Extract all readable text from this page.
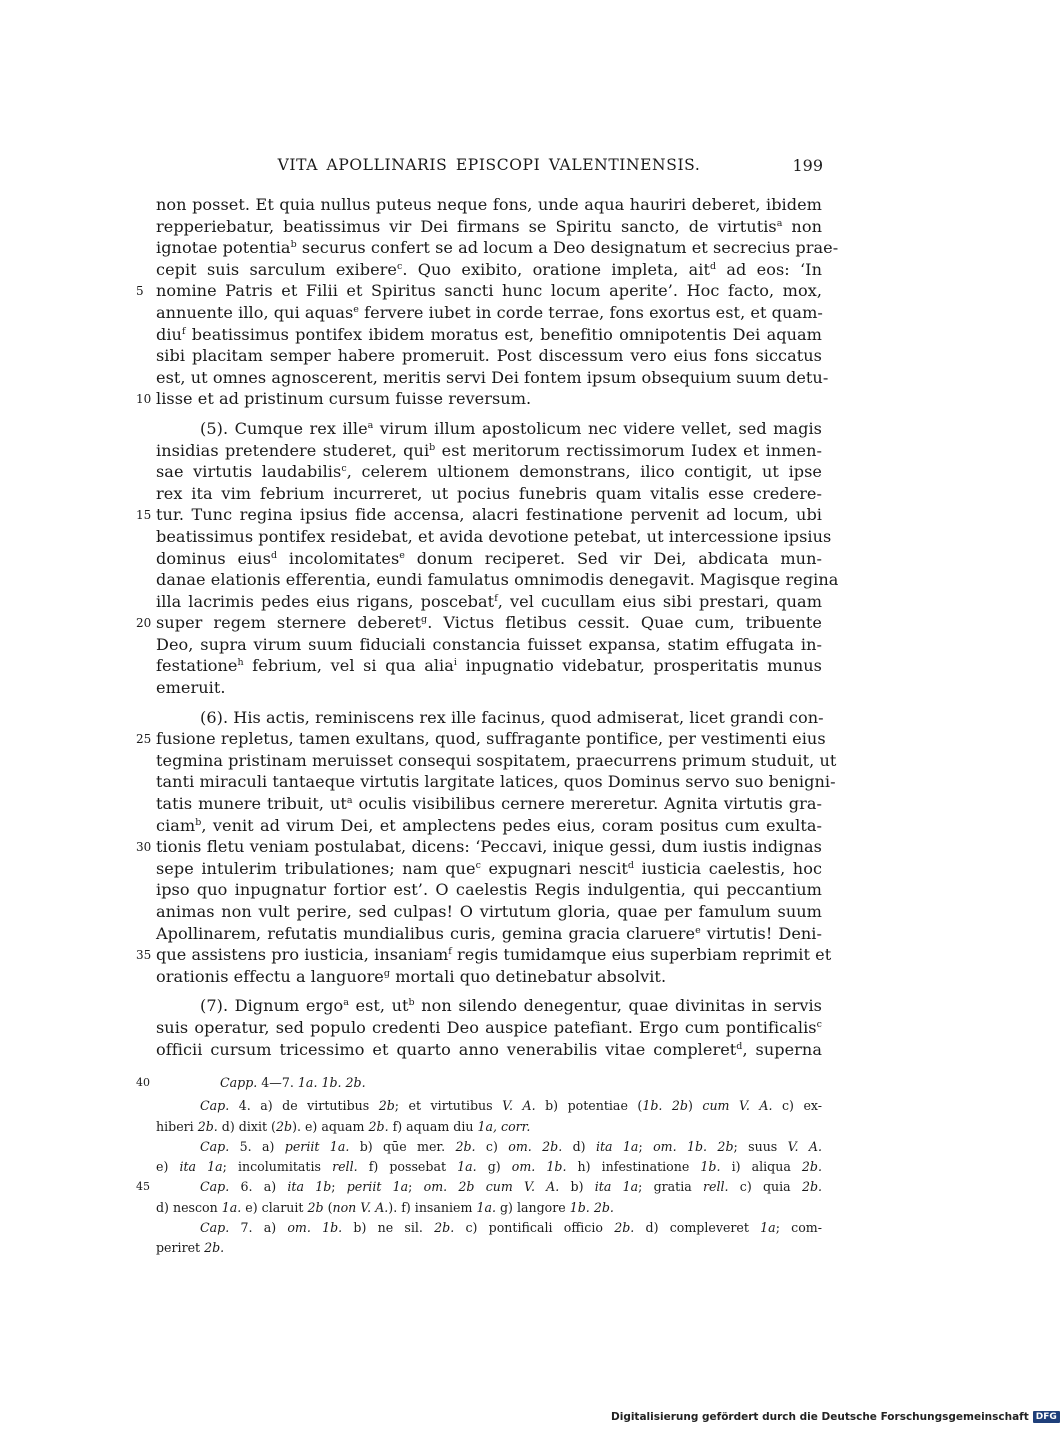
VITA APOLLINARIS EPISCOPI VALENTINENSIS.	199
non posset. Et quia nullus puteus neque fons, unde aqua hauriri deberet, ibidem
repperiebatur, beatissimus vir Dei firmans se Spiritu sancto, de virtutis$^a$ non
ignotae potentia$^b$ securus confert se ad locum a Deo designatum et secrecius prae-
cepit suis sarculum exibere$^c$. Quo exibito, oratione impleta, ait$^d$ ad eos: ‘In
5 nomine Patris et Filii et Spiritus sancti hunc locum aperite’. Hoc facto, mox,
annuente illo, qui aquas$^e$ fervere iubet in corde terrae, fons exortus est, et quam-
diu$^f$ beatissimus pontifex ibidem moratus est, benefitio omnipotentis Dei aquam
sibi placitam semper habere promeruit. Post discessum vero eius fons siccatus
est, ut omnes agnoscerent, meritis servi Dei fontem ipsum obsequium suum detu-
10 lisse et ad pristinum cursum fuisse reversum.
(5). Cumque rex ille$^a$ virum illum apostolicum nec videre vellet, sed magis
insidias pretendere studeret, qui$^b$ est meritorum rectissimorum Iudex et inmen-
sae virtutis laudabilis$^c$, celerem ultionem demonstrans, ilico contigit, ut ipse
rex ita vim febrium incurreret, ut pocius funebris quam vitalis esse credere-
15 tur. Tunc regina ipsius fide accensa, alacri festinatione pervenit ad locum, ubi
beatissimus pontifex residebat, et avida devotione petebat, ut intercessione ipsius
dominus eius$^d$ incolomitates$^e$ donum reciperet. Sed vir Dei, abdicata mun-
danae elationis efferentia, eundi famulatus omnimodis denegavit. Magisque regina
illa lacrimis pedes eius rigans, poscebat$^f$, vel cucullam eius sibi prestari, quam
20 super regem sternere deberet$^g$. Victus fletibus cessit. Quae cum, tribuente
Deo, supra virum suum fiduciali constancia fuisset expansa, statim effugata in-
festatione$^h$ febrium, vel si qua alia$^i$ inpugnatio videbatur, prosperitatis munus
emeruit.
(6). His actis, reminiscens rex ille facinus, quod admiserat, licet grandi con-
25 fusione repletus, tamen exultans, quod, suffragante pontifice, per vestimenti eius
tegmina pristinam meruisset consequi sospitatem, praecurrens primum studuit, ut
tanti miraculi tantaeque virtutis largitate latices, quos Dominus servo suo benigni-
tatis munere tribuit, $ut^a$ oculis visibilibus cernere mereretur. Agnita virtutis gra-
ciam$^b$, venit ad virum Dei, et amplectens pedes eius, coram positus cum exulta-
30 tionis fletu veniam postulabat, dicens: ‘Peccavi, inique gessi, dum iustis indignas
sepe intulerim tribulationes; nam que$^c$ expugnari nescit$^d$ iusticia caelestis, hoc
ipso quo inpugnatur fortior est’. O caelestis Regis indulgentia, qui peccantium
animas non vult perire, sed culpas! O virtutum gloria, quae per famulum suum
Apollinarem, refutatis mundialibus curis, gemina gracia claruere$^e$ virtutis! Deni-
35 que assistens pro iusticia, insaniam$^f$ regis tumidamque eius superbiam reprimit et
orationis effectu a languore$^g$ mortali quo detinebatur absolvit.
(7). Dignum ergo$^a$ est, $ut^b$ non silendo denegentur, quae divinitas in servis
suis operatur, sed populo credenti Deo auspice patefiant. Ergo cum pontificalis$^c$
officii cursum tricessimo et quarto anno venerabilis vitae compleret$^d$, superna
40	Capp. 4—7. 1a. 1b. 2b.
Cap. 4. a) de virtutibus 2b; et virtutibus V. A. b) potentiae (1b. 2b) cum V. A. c) ex-
hiberi 2b. d) dixit (2b). e) aquam 2b. f) aquam diu 1a, corr.
Cap. 5. a) periit 1a. b) qūe mer. 2b. c) om. 2b. d) ita 1a; om. 1b. 2b; suus V. A.
e) ita 1a; incolumitatis rell. f) possebat 1a. g) om. 1b. h) infestinatione 1b. i) aliqua 2b.
45	Cap. 6. a) ita 1b; periit 1a; om. 2b cum V. A. b) ita 1a; gratia rell. c) quia 2b.
d) nescon 1a. e) claruit 2b (non V. A.). f) insaniem 1a. g) langore 1b. 2b.
Cap. 7. a) om. 1b. b) ne sil. 2b. c) pontificali officio 2b. d) compleveret 1a; com-
periret 2b.
Digitalisierung gefördert durch die Deutsche Forschungsgemeinschaft DFG
